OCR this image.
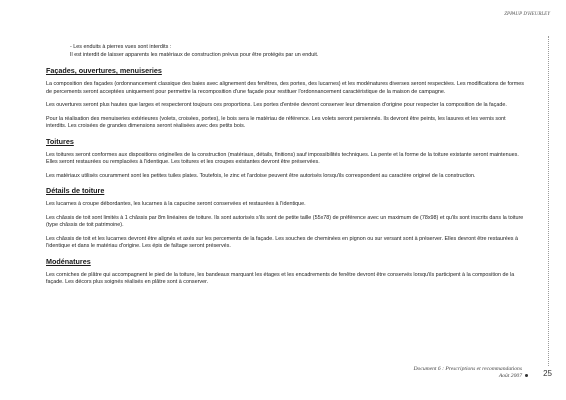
ZPPAUP D'HEURLEY

- Les enduits à pierres vues sont interdits :

Il est interdit de laisser apparents les matériaux de construction prévus pour être protégés par un enduit.

Façades, ouvertures, menuiseries

La composition des façades (ordonnancement classique des baies avec alignement des fenêtres, des portes, des lucarnes) et les modénatures diverses seront respectées. Les modifications de formes de percements seront acceptées uniquement pour permettre la recomposition d'une façade pour restituer l'ordonnancement caractéristique de la maison de campagne.

Les ouvertures seront plus hautes que larges et respecteront toujours ces proportions. Les portes d'entrée devront conserver leur dimension d'origine pour respecter la composition de la façade.

Pour la réalisation des menuiseries extérieures (volets, croisées, portes), le bois sera le matériau de référence. Les volets seront persiennés. Ils devront être peints, les lasures et les vernis sont interdits. Les croisées de grandes dimensions seront réalisées avec des petits bois.

Toitures

Les toitures seront conformes aux dispositions originelles de la construction (matériaux, détails, finitions) sauf impossibilités techniques. La pente et la forme de la toiture existante seront maintenues. Elles seront restaurées ou remplacées à l'identique. Les toitures et les croupes existantes devront être préservées.

Les matériaux utilisés couramment sont les petites tuiles plates. Toutefois, le zinc et l'ardoise peuvent être autorisés lorsqu'ils correspondent au caractère originel de la construction.

Détails de toiture

Les lucarnes à croupe débordantes, les lucarnes à la capucine seront conservées et restaurées à l'identique.

Les châssis de toit sont limités à 1 châssis par 8m linéaires de toiture. Ils sont autorisés s'ils sont de petite taille (55x78) de préférence avec un maximum de (78x98) et qu'ils sont inscrits dans la toiture (type châssis de toit patrimoine).

Les châssis de toit et les lucarnes devront être alignés et axés sur les percements de la façade. Les souches de cheminées en pignon ou sur versant sont à préserver. Elles devront être restaurées à l'identique et dans le matériau d'origine. Les épis de faîtage seront préservés.

Modénatures

Les corniches de plâtre qui accompagnent le pied de la toiture, les bandeaux marquant les étages et les encadrements de fenêtre devront être conservés lorsqu'ils participent à la composition de la façade. Les décors plus soignés réalisés en plâtre sont à conserver.

Document 6 : Prescriptions et recommandations
Août 2007	25
